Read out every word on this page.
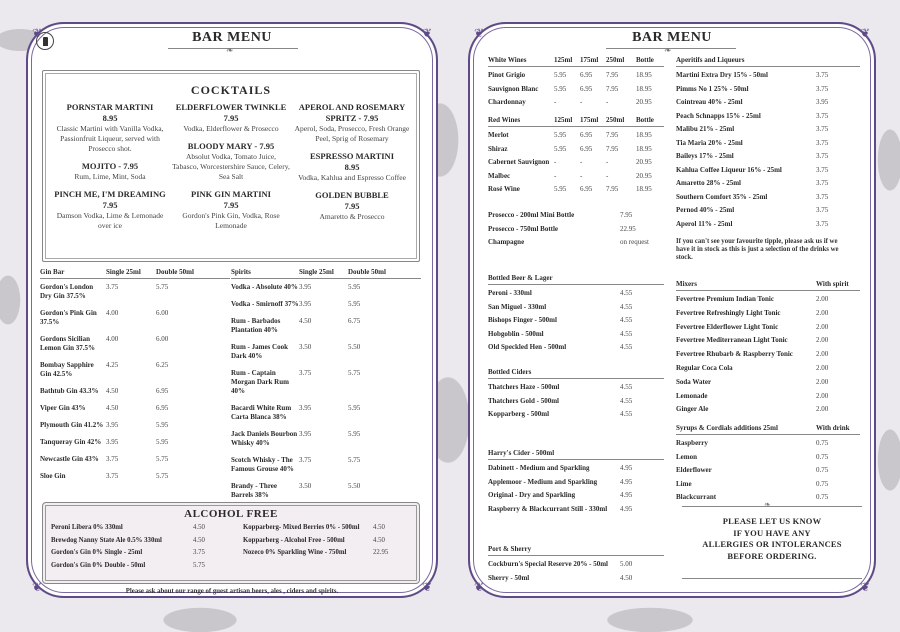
❦	❦
❦	❦
BAR MENU
❧
COCKTAILS
PORNSTAR MARTINI
8.95
Classic Martini with Vanilla Vodka, Passionfruit Liqueur, served with Prosecco shot.
MOJITO - 7.95
Rum, Lime, Mint, Soda
PINCH ME, I'M DREAMING
7.95
Damson Vodka, Lime & Lemonade over ice
ELDERFLOWER TWINKLE
7.95
Vodka, Elderflower & Prosecco
BLOODY MARY - 7.95
Absolut Vodka, Tomato Juice, Tabasco, Worcestershire Sauce, Celery, Sea Salt
PINK GIN MARTINI
7.95
Gordon's Pink Gin, Vodka, Rose Lemonade
APEROL AND ROSEMARY SPRITZ - 7.95
Aperol, Soda, Prosecco, Fresh Orange Peel, Sprig of Rosemary
ESPRESSO MARTINI
8.95
Vodka, Kahlua and Espresso Coffee
GOLDEN BUBBLE
7.95
Amaretto & Prosecco
Gin Bar	Single 25ml	Double 50ml
Gordon's London Dry Gin 37.5%
3.75	5.75
Gordon's Pink Gin 37.5%
4.00	6.00
Gordons Sicilian Lemon Gin 37.5%
4.00	6.00
Bombay Sapphire Gin 42.5%
4.25	6.25
Bathtub Gin 43.3%	4.50	6.95
Viper Gin 43%	4.50	6.95
Plymouth Gin 41.2% 3.95	5.95
Tanqueray Gin 42% 3.95	5.95
Newcastle Gin 43%	3.75	5.75
Sloe Gin	3.75	5.75
Spirits	Single 25ml	Double 50ml
Vodka - Absolute 40% 3.95	5.95
Vodka - Smirnoff 37% 3.95	5.95
Rum - Barbados Plantation 40%
4.50	6.75
Rum - James Cook Dark 40%
3.50	5.50
Rum - Captain Morgan Dark Rum 40%
3.75	5.75
Bacardi White Rum Carta Blanca 38%
3.95	5.95
Jack Daniels Bourbon Whisky 40%
3.95	5.95
Scotch Whisky - The Famous Grouse 40%
3.75	5.75
Brandy - Three Barrels 38%
3.50	5.50
ALCOHOL FREE
Peroni Libera 0% 330ml	4.50
Brewdog Nanny State Ale 0.5% 330ml	4.50
Gordon's Gin 0% Single - 25ml	3.75
Gordon's Gin 0% Double - 50ml	5.75
Kopparberg- Mixed Berries 0% - 500ml	4.50
Kopparberg - Alcohol Free - 500ml	4.50
Nozeco 0% Sparkling Wine - 750ml	22.95
Please ask about our range of guest artisan beers, ales , ciders and spirits.
❦	❦
❦	❦
BAR MENU
❧
White Wines	125ml	175ml	250ml	Bottle
Pinot Grigio	5.95	6.95	7.95	18.95
Sauvignon Blanc	5.95	6.95	7.95	18.95
Chardonnay	-	-	-	20.95
Red Wines	125ml	175ml	250ml	Bottle
Merlot	5.95	6.95	7.95	18.95
Shiraz	5.95	6.95	7.95	18.95
Cabernet Sauvignon -	-	-	20.95
Malbec	-	-	-	20.95
Rosé Wine	5.95	6.95	7.95	18.95
Prosecco - 200ml Mini Bottle	7.95
Prosecco - 750ml Bottle	22.95
Champagne	on request
Bottled Beer & Lager
Peroni - 330ml	4.55
San Miguel - 330ml	4.55
Bishops Finger - 500ml	4.55
Hobgoblin - 500ml	4.55
Old Speckled Hen - 500ml	4.55
Bottled Ciders
Thatchers Haze - 500ml	4.55
Thatchers Gold - 500ml	4.55
Kopparberg - 500ml	4.55
Harry's Cider - 500ml
Dabinett - Medium and Sparkling	4.95
Applemoor - Medium and Sparkling	4.95
Original - Dry and Sparkling	4.95
Raspberry & Blackcurrant Still - 330ml	4.95
Port & Sherry
Cockburn's Special Reserve 20% - 50ml	5.00
Sherry - 50ml	4.50
Aperitifs and Liqueurs
Martini Extra Dry 15% - 50ml	3.75
Pimms No 1 25% - 50ml	3.75
Cointreau 40% - 25ml	3.95
Peach Schnapps 15% - 25ml	3.75
Malibu 21% - 25ml	3.75
Tia Maria 20% - 25ml	3.75
Baileys 17% - 25ml	3.75
Kahlua Coffee Liqueur 16% - 25ml	3.75
Amaretto 28% - 25ml	3.75
Southern Comfort 35% - 25ml	3.75
Pernod 40% - 25ml	3.75
Aperol 11% - 25ml	3.75
If you can't see your favourite tipple, please ask us if we have it in stock as this is just a selection of the drinks we stock.
Mixers	With spirit
Fevertree Premium Indian Tonic	2.00
Fevertree Refreshingly Light Tonic	2.00
Fevertree Elderflower Light Tonic	2.00
Fevertree Mediterranean Light Tonic	2.00
Fevertree Rhubarb & Raspberry Tonic	2.00
Regular Coca Cola	2.00
Soda Water	2.00
Lemonade	2.00
Ginger Ale	2.00
Syrups & Cordials additions 25ml	With drink
Raspberry	0.75
Lemon	0.75
Elderflower	0.75
Lime	0.75
Blackcurrant	0.75
❧
PLEASE LET US KNOW
IF YOU HAVE ANY
ALLERGIES OR INTOLERANCES
BEFORE ORDERING.
